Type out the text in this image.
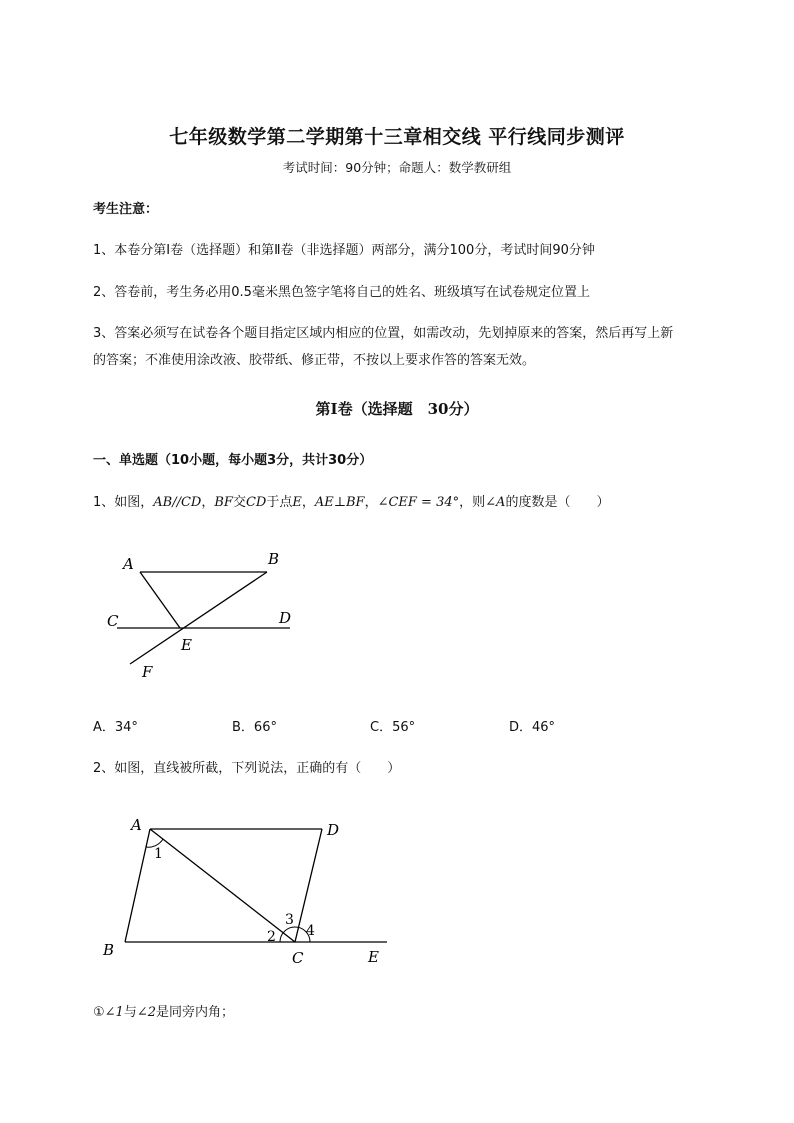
七年级数学第二学期第十三章相交线 平行线同步测评
考试时间：90分钟；命题人：数学教研组
考生注意：
1、本卷分第Ⅰ卷（选择题）和第Ⅱ卷（非选择题）两部分，满分100分，考试时间90分钟
2、答卷前，考生务必用0.5毫米黑色签字笔将自己的姓名、班级填写在试卷规定位置上
3、答案必须写在试卷各个题目指定区域内相应的位置，如需改动，先划掉原来的答案，然后再写上新
的答案；不准使用涂改液、胶带纸、修正带，不按以上要求作答的答案无效。
第Ⅰ卷（选择题　30分）
一、单选题（10小题，每小题3分，共计30分）
1、如图，AB//CD，BF交CD于点E，AE⊥BF，∠CEF = 34°，则∠A的度数是（　　）
A	B
C	D
E
F
A．34°	B．66°	C．56°	D．46°
2、如图，直线被所截，下列说法，正确的有（　　）
A	D
B	C	E
1
2
3
4
①∠1与∠2是同旁内角；
